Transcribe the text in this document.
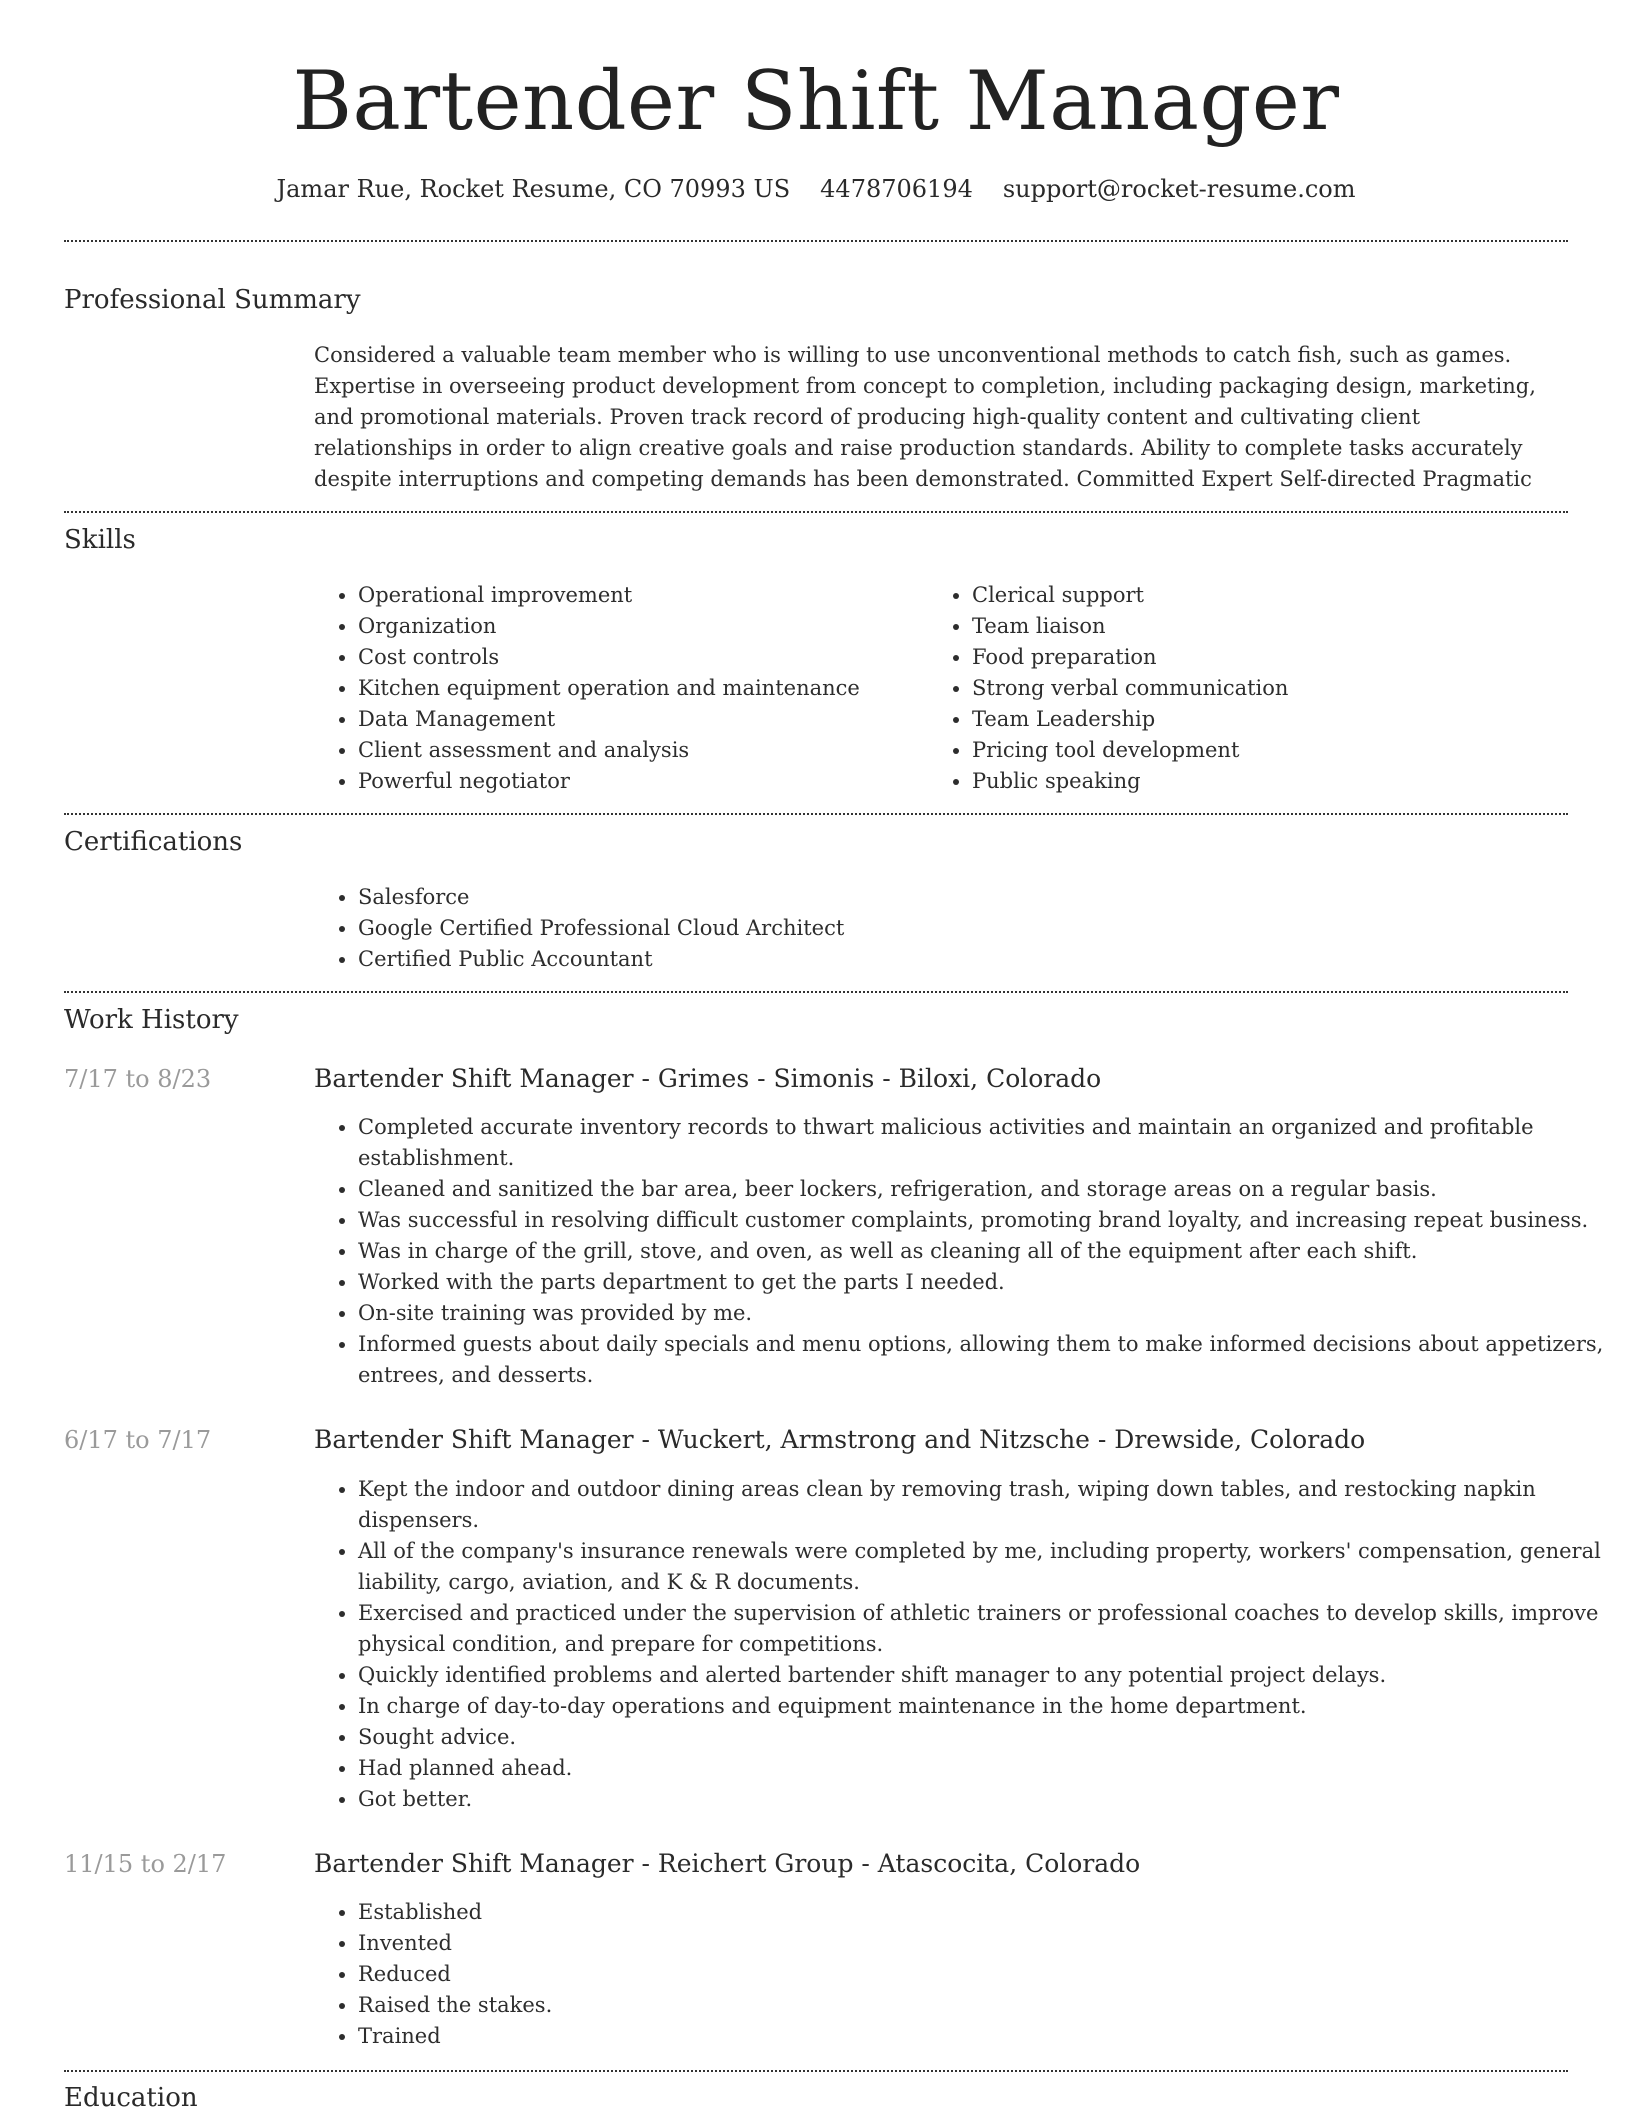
Bartender Shift Manager
Jamar Rue, Rocket Resume, CO 70993 US 4478706194 support@rocket-resume.com
Professional Summary

Considered a valuable team member who is willing to use unconventional methods to catch fish, such as games. Expertise in overseeing product development from concept to completion, including packaging design, marketing, and promotional materials. Proven track record of producing high-quality content and cultivating client relationships in order to align creative goals and raise production standards. Ability to complete tasks accurately despite interruptions and competing demands has been demonstrated. Committed Expert Self-directed Pragmatic

Skills
• Operational improvement
• Organization
• Cost controls
• Kitchen equipment operation and maintenance
• Data Management
• Client assessment and analysis
• Powerful negotiator
• Clerical support
• Team liaison
• Food preparation
• Strong verbal communication
• Team Leadership
• Pricing tool development
• Public speaking
Certifications
• Salesforce
• Google Certified Professional Cloud Architect
• Certified Public Accountant
Work History
7/17 to 8/23	Bartender Shift Manager - Grimes - Simonis - Biloxi, Colorado
• Completed accurate inventory records to thwart malicious activities and maintain an organized and profitable establishment.
• Cleaned and sanitized the bar area, beer lockers, refrigeration, and storage areas on a regular basis.
• Was successful in resolving difficult customer complaints, promoting brand loyalty, and increasing repeat business.
• Was in charge of the grill, stove, and oven, as well as cleaning all of the equipment after each shift.
• Worked with the parts department to get the parts I needed.
• On-site training was provided by me.
• Informed guests about daily specials and menu options, allowing them to make informed decisions about appetizers, entrees, and desserts.
6/17 to 7/17	Bartender Shift Manager - Wuckert, Armstrong and Nitzsche - Drewside, Colorado
• Kept the indoor and outdoor dining areas clean by removing trash, wiping down tables, and restocking napkin dispensers.
• All of the company's insurance renewals were completed by me, including property, workers' compensation, general liability, cargo, aviation, and K & R documents.
• Exercised and practiced under the supervision of athletic trainers or professional coaches to develop skills, improve physical condition, and prepare for competitions.
• Quickly identified problems and alerted bartender shift manager to any potential project delays.
• In charge of day-to-day operations and equipment maintenance in the home department.
• Sought advice.
• Had planned ahead.
• Got better.
11/15 to 2/17	Bartender Shift Manager - Reichert Group - Atascocita, Colorado
• Established
• Invented
• Reduced
• Raised the stakes.
• Trained
Education
